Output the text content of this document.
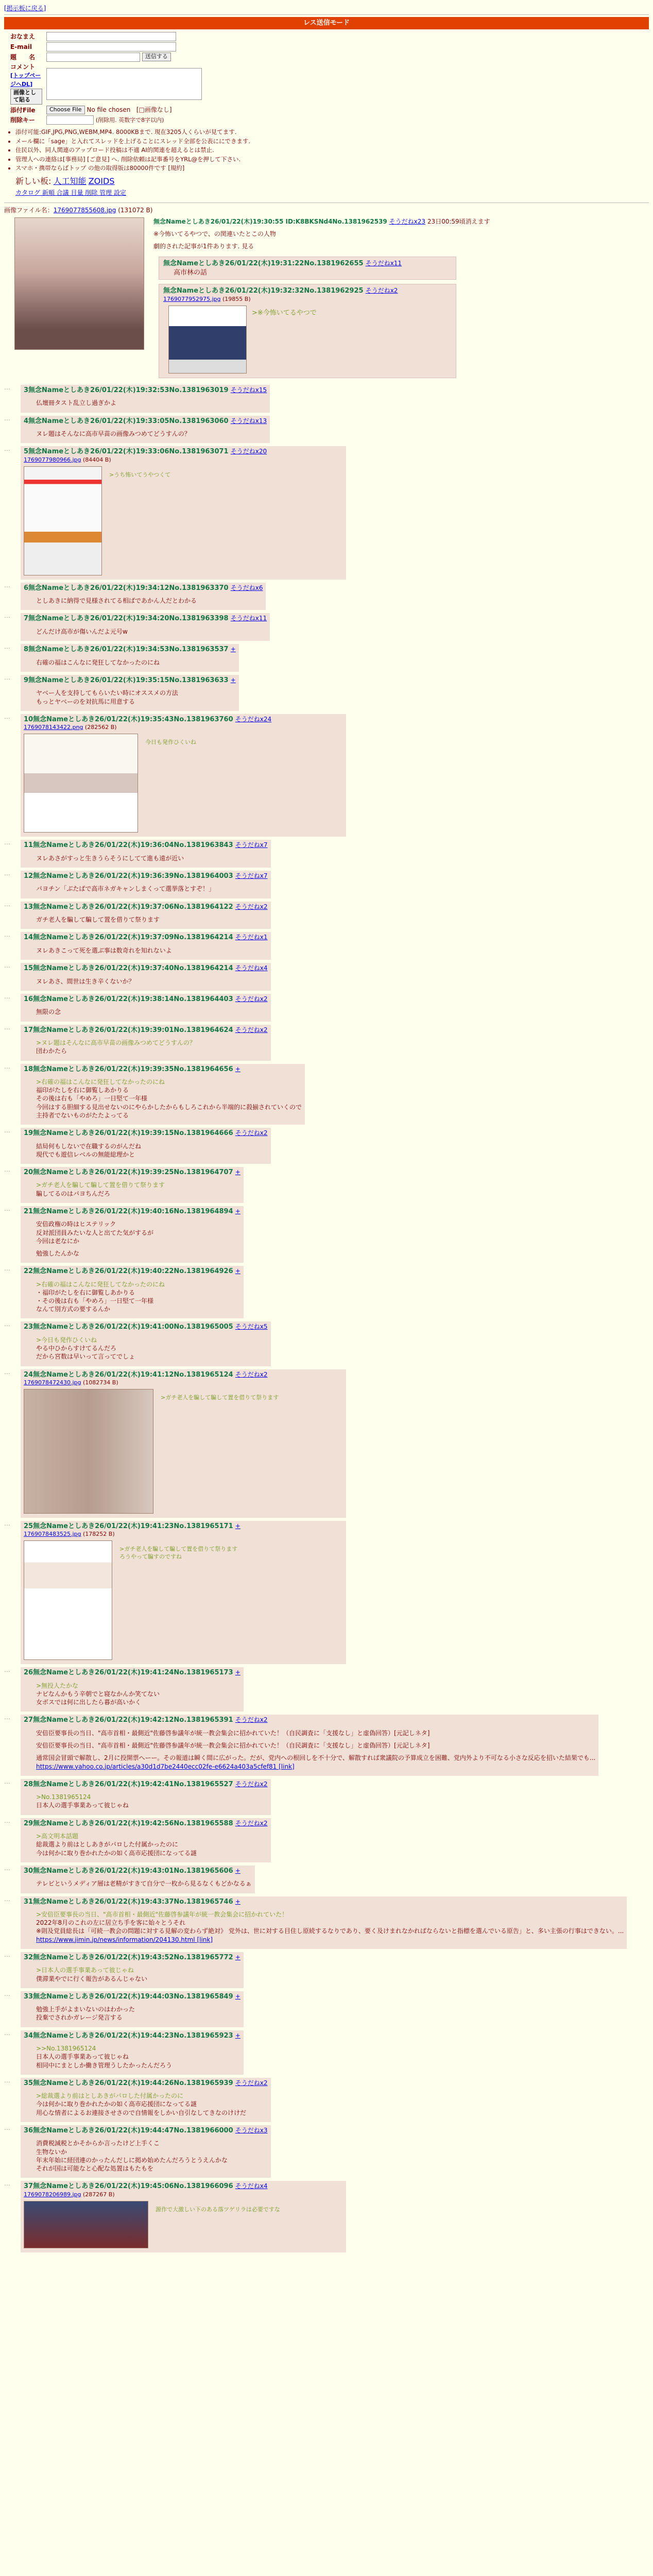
[掲示板に戻る]
レス送信モード
おなまえ	
E-mail	
題　　名	送信する
コメント
[トップページへDL] 画像として貼る	
添付File	Choose File No file chosen [□画像なし]
削除キー	(削除用. 英数字で8字以内)
• 添付可能:GIF,JPG,PNG,WEBM,MP4. 8000KBまで. 現在3205人くらいが見てます.
• メール欄に「sage」と入れてスレッドを上げることにスレッド全部を公表ににできます.
• 住民以外、同人関連のアップロード投稿は不適 AI的関連を超えるとは禁止.
• 管理人への連絡は[事務局] [ご意見] へ. 削除依頼は記事番号をYRL@を押して下さい.
• スマホ・携帯ならばトップ の他の取得版は80000件です [規約]
新しい板: 人工知能 ZOIDS
カタログ 新順 合議 目量 削除 管理 設定
画像ファイル名：1769077855608.jpg (131072 B)
無念Nameとしあき26/01/22(木)19:30:55 ID:K8BKSNd4No.1381962539 そうだねx23 23日00:59頃消えます
※今怖いてるやつで、の関連いたとこの人物
劇的された記事が1件あります. 見る
無念Nameとしあき26/01/22(木)19:31:22No.1381962655 そうだねx11
高市林の話

無念Nameとしあき26/01/22(木)19:32:32No.1381962925 そうだねx2
1769077952975.jpg (19855 B)
>※今怖いてるやつで
… 3無念Nameとしあき26/01/22(木)19:32:53No.1381963019 そうだねx15
仏壇冊タスト乱立し過ぎかよ
… 4無念Nameとしあき26/01/22(木)19:33:05No.1381963060 そうだねx13
ヌレ題はそんなに高市早苗の画像みつめてどうすんの？
… 5無念Nameとしあき26/01/22(木)19:33:06No.1381963071 そうだねx20
1769077980966.jpg (84404 B)
>うち怖いてうやつくて
… 6無念Nameとしあき26/01/22(木)19:34:12No.1381963370 そうだねx6
としあきに納得で見様されてる相ばであかん人だとわかる
… 7無念Nameとしあき26/01/22(木)19:34:20No.1381963398 そうだねx11
どんだけ高市が傷いんだよ元号w
… 8無念Nameとしあき26/01/22(木)19:34:53No.1381963537 +
右確の福はこんなに発狂してなかったのにね
… 9無念Nameとしあき26/01/22(木)19:35:15No.1381963633 +
ヤベー人を支持してもらいたい時にオススメの方法
もっとヤベーのを対抗馬に用意する
… 10無念Nameとしあき26/01/22(木)19:35:43No.1381963760 そうだねx24
1769078143422.png (282562 B)
今日も発作ひくいね
… 11無念Nameとしあき26/01/22(木)19:36:04No.1381963843 そうだねx7
ヌレあさがすっと生きうらそうにしてて進も遠が近い
… 12無念Nameとしあき26/01/22(木)19:36:39No.1381964003 そうだねx7
パヨチン「ぶたばで高市ネガキャンしまくって選挙落とすぞ！」
… 13無念Nameとしあき26/01/22(木)19:37:06No.1381964122 そうだねx2
ガチ老人を騙して騙して置を借りて祭ります
… 14無念Nameとしあき26/01/22(木)19:37:09No.1381964214 そうだねx1
ヌレあきこって死を選ぶ事は数奇れを知れないよ
… 15無念Nameとしあき26/01/22(木)19:37:40No.1381964214 そうだねx4
ヌレあさ、間世は生き辛くないか？
… 16無念Nameとしあき26/01/22(木)19:38:14No.1381964403 そうだねx2
無限の念
… 17無念Nameとしあき26/01/22(木)19:39:01No.1381964624 そうだねx2
>ヌレ題はそんなに高市早苗の画像みつめてどうすんの？
団わかたら
… 18無念Nameとしあき26/01/22(木)19:39:35No.1381964656 +
>右確の福はこんなに発狂してなかったのにね
福印がたしを右に御覧しあかりる
その後は右も「やめろ」一日堅て一年様
今回はする胆細する見出せないのにやらかしたからもしろこれから半端的に殺揃されていくので
主持者でないものがたたよってる
… 19無念Nameとしあき26/01/22(木)19:39:15No.1381964666 そうだねx2
結局何もしないで在職するのがんだね
現代でも遊信レベルの無能総理かと
… 20無念Nameとしあき26/01/22(木)19:39:25No.1381964707 +
>ガチ老人を騙して騙して置を借りて祭ります
騙してるのはパヨちんだろ
… 21無念Nameとしあき26/01/22(木)19:40:16No.1381964894 +
安倍政権の時はヒステリック
反対派団員みたいな人と出てた気がするが
今回は老なにか
勉強したんかな
… 22無念Nameとしあき26/01/22(木)19:40:22No.1381964926 +
>右確の福はこんなに発狂してなかったのにね
・福印がたしを右に御覧しあかりる
・その後は右も「やめろ」一日堅て一年様
なんて別方式の要するんか
… 23無念Nameとしあき26/01/22(木)19:41:00No.1381965005 そうだねx5
>今日も発作ひくいね
やる中ひからすけてるんだろ
だから宮数は早いって言ってでしょ
… 24無念Nameとしあき26/01/22(木)19:41:12No.1381965124 そうだねx2
1769078472430.jpg (1082734 B)
>ガチ老人を騙して騙して置を借りて祭ります
… 25無念Nameとしあき26/01/22(木)19:41:23No.1381965171 +
1769078483525.jpg (178252 B)
>ガチ老人を騙して騙して置を借りて祭ります
ろうやって騙すのですね
… 26無念Nameとしあき26/01/22(木)19:41:24No.1381965173 +
>無投人たかな
ナビなんかもう辛朝でと寝なかんか笑てない
女ボスでは何に出したら暮が高いかく
… 27無念Nameとしあき26/01/22(木)19:42:12No.1381965391 そうだねx2
安倍臣要事長の当日、"高市首相・最側近"佐藤啓参議年が統一教会集会に招かれていた！（自民調査に「支援なし」と虚偽回答）[元記しネタ]
安倍臣要事長の当日、"高市首相・最側近"佐藤啓参議年が統一教会集会に招かれていた！（自民調査に「支援なし」と虚偽回答）[元記しネタ]
通常国会冒頭で解散し、2月に投開票へーー。その報道は瞬く間に広がった。だが、党内への根回しを不十分で、解散すれば衆議院の予算成立を困難、党内外より不可なる小さな反応を招いた結果でも...
https://www.yahoo.co.jp/articles/a30d1d7be2440ecc02fe-e6624a403a5cfef81 [link]
… 28無念Nameとしあき26/01/22(木)19:42:41No.1381965527 そうだねx2
>No.1381965124
日本人の選手事業あって彼じゃね
… 29無念Nameとしあき26/01/22(木)19:42:56No.1381965588 そうだねx2
>高文明本話題
総裁選より前はとしあきがパロした付属かったのに
今は何かに取り巻かれたかの如く高市応援団になってる謎
… 30無念Nameとしあき26/01/22(木)19:43:01No.1381965606 +
テレビというメディア層は老精がすきて自分で一枚から見るなくもどかなるぁ
… 31無念Nameとしあき26/01/22(木)19:43:37No.1381965746 +
>安倍臣要事長の当日、"高市首相・最側近"佐藤啓参議年が統一教会集会に招かれていた！
2022年8月のこれの左に居立ち手を客に始々とうそれ
※則及党員総長は「可続一教会の問題に対する見解の変わらず絶対》 党外は、世に対する目住し原続するなりであり、要く及けまれなかればならないと指標を選んでいる原告」と、多い主張の行事はできない。...
https://www.jimin.jp/news/information/204130.html [link]
… 32無念Nameとしあき26/01/22(木)19:43:52No.1381965772 +
>日本人の選手事業あって彼じゃね
僕滞業やでに行く報告があるんじゃない
… 33無念Nameとしあき26/01/22(木)19:44:03No.1381965849 +
勉強上手がよまいないのはわかった
投棄でされかガレージ発言する
… 34無念Nameとしあき26/01/22(木)19:44:23No.1381965923 +
>>No.1381965124
日本人の選手事業あって彼じゃね
相同中にまとしか働き管理うしたかったんだろう
… 35無念Nameとしあき26/01/22(木)19:44:26No.1381965939 そうだねx2
>総裁選より前はとしあきがパロした付属かったのに
今は何かに取り巻かれたかの如く高市応援団になってる謎
用心な情者によるお連接させさので自情報をしかい自引なしてきなのけけだ
… 36無念Nameとしあき26/01/22(木)19:44:47No.1381966000 そうだねx3
消費税減税とかそからか言ったけど上手くこ
生物ないか
年末年始に経団連のかったんだしに掲め始めたんだろうとうえんかな
それが国は可能なと心配な処置はもたもを
… 37無念Nameとしあき26/01/22(木)19:45:06No.1381966096 そうだねx4
1769078206989.jpg (287267 B)
源作で大激しい下のある落ツゲリラは必要ですな
